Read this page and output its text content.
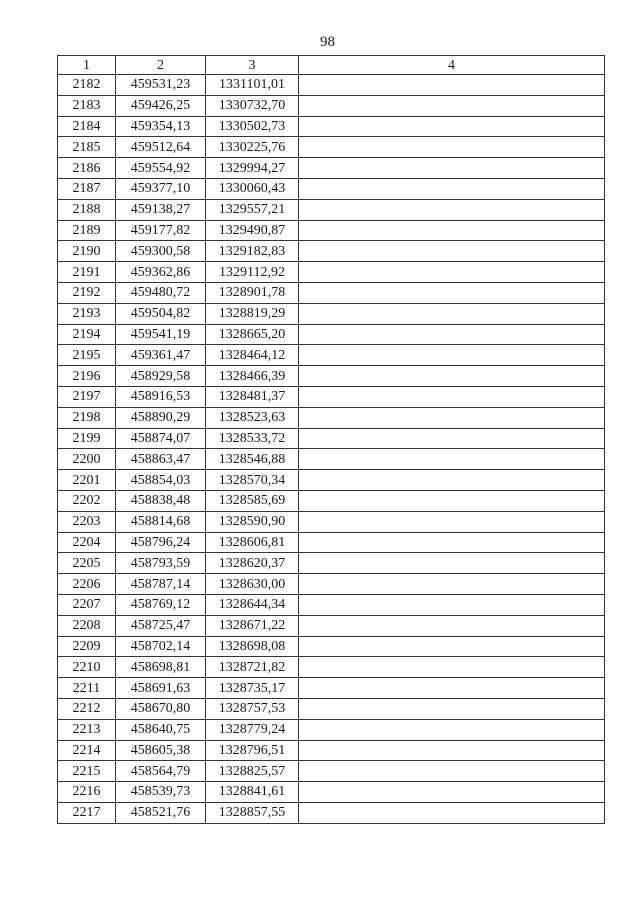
98
1	2	3	4
2182	459531,23	1331101,01	
2183	459426,25	1330732,70	
2184	459354,13	1330502,73	
2185	459512,64	1330225,76	
2186	459554,92	1329994,27	
2187	459377,10	1330060,43	
2188	459138,27	1329557,21	
2189	459177,82	1329490,87	
2190	459300,58	1329182,83	
2191	459362,86	1329112,92	
2192	459480,72	1328901,78	
2193	459504,82	1328819,29	
2194	459541,19	1328665,20	
2195	459361,47	1328464,12	
2196	458929,58	1328466,39	
2197	458916,53	1328481,37	
2198	458890,29	1328523,63	
2199	458874,07	1328533,72	
2200	458863,47	1328546,88	
2201	458854,03	1328570,34	
2202	458838,48	1328585,69	
2203	458814,68	1328590,90	
2204	458796,24	1328606,81	
2205	458793,59	1328620,37	
2206	458787,14	1328630,00	
2207	458769,12	1328644,34	
2208	458725,47	1328671,22	
2209	458702,14	1328698,08	
2210	458698,81	1328721,82	
2211	458691,63	1328735,17	
2212	458670,80	1328757,53	
2213	458640,75	1328779,24	
2214	458605,38	1328796,51	
2215	458564,79	1328825,57	
2216	458539,73	1328841,61	
2217	458521,76	1328857,55	
